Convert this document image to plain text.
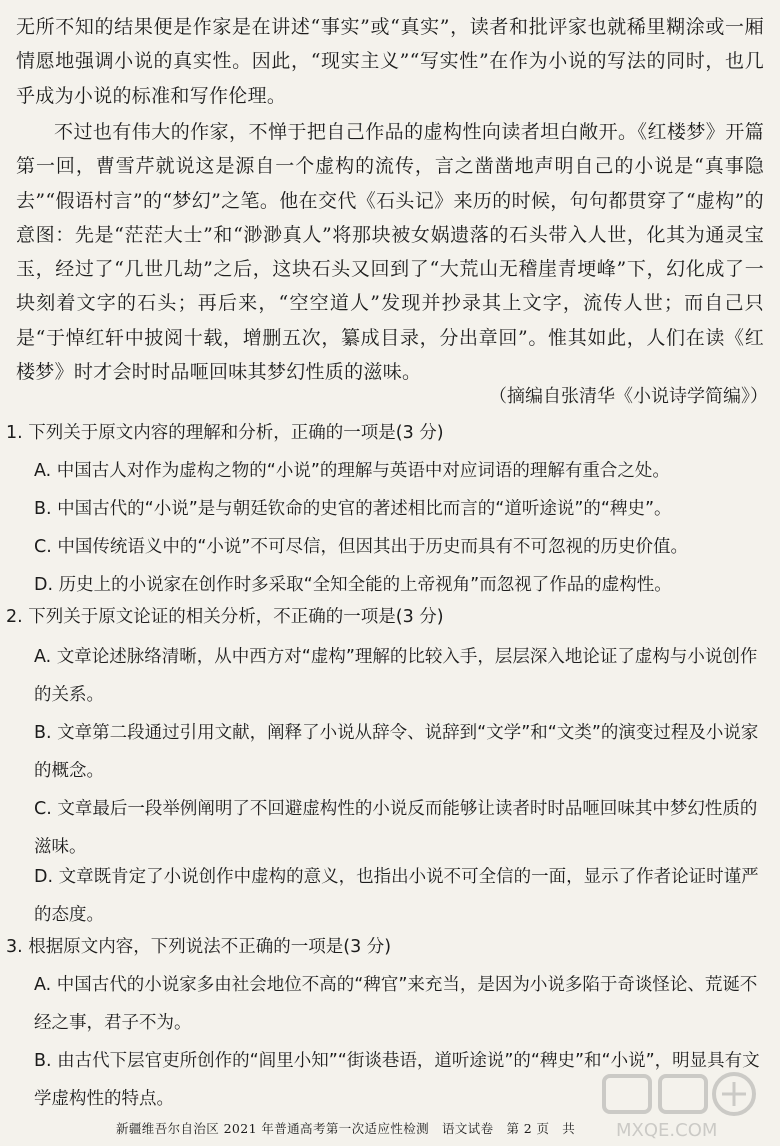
无所不知的结果便是作家是在讲述“事实”或“真实”，读者和批评家也就稀里糊涂或一厢情愿地强调小说的真实性。因此，“现实主义”“写实性”在作为小说的写法的同时，也几乎成为小说的标准和写作伦理。

不过也有伟大的作家，不惮于把自己作品的虚构性向读者坦白敞开。《红楼梦》开篇第一回，曹雪芹就说这是源自一个虚构的流传，言之凿凿地声明自己的小说是“真事隐去”“假语村言”的“梦幻”之笔。他在交代《石头记》来历的时候，句句都贯穿了“虚构”的意图：先是“茫茫大士”和“渺渺真人”将那块被女娲遗落的石头带入人世，化其为通灵宝玉，经过了“几世几劫”之后，这块石头又回到了“大荒山无稽崖青埂峰”下，幻化成了一块刻着文字的石头；再后来，“空空道人”发现并抄录其上文字，流传人世；而自己只是“于悼红轩中披阅十载，增删五次，纂成目录，分出章回”。惟其如此，人们在读《红楼梦》时才会时时品咂回味其梦幻性质的滋味。

（摘编自张清华《小说诗学简编》）

1. 下列关于原文内容的理解和分析，正确的一项是(3 分)

A. 中国古人对作为虚构之物的“小说”的理解与英语中对应词语的理解有重合之处。

B. 中国古代的“小说”是与朝廷钦命的史官的著述相比而言的“道听途说”的“稗史”。

C. 中国传统语义中的“小说”不可尽信，但因其出于历史而具有不可忽视的历史价值。

D. 历史上的小说家在创作时多采取“全知全能的上帝视角”而忽视了作品的虚构性。

2. 下列关于原文论证的相关分析，不正确的一项是(3 分)

A. 文章论述脉络清晰，从中西方对“虚构”理解的比较入手，层层深入地论证了虚构与小说创作的关系。

B. 文章第二段通过引用文献，阐释了小说从辞令、说辞到“文学”和“文类”的演变过程及小说家的概念。

C. 文章最后一段举例阐明了不回避虚构性的小说反而能够让读者时时品咂回味其中梦幻性质的滋味。

D. 文章既肯定了小说创作中虚构的意义，也指出小说不可全信的一面，显示了作者论证时谨严的态度。

3. 根据原文内容，下列说法不正确的一项是(3 分)

A. 中国古代的小说家多由社会地位不高的“稗官”来充当，是因为小说多陷于奇谈怪论、荒诞不经之事，君子不为。

B. 由古代下层官吏所创作的“闾里小知”“街谈巷语，道听途说”的“稗史”和“小说”，明显具有文学虚构性的特点。

MXQE.COM
新疆维吾尔自治区 2021 年普通高考第一次适应性检测　语文试卷　第 2 页　共
